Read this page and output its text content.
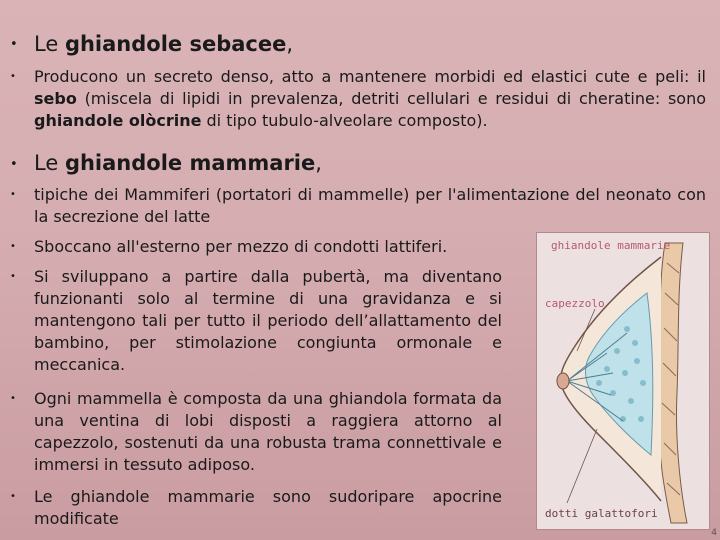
• Le ghiandole sebacee,
• Producono un secreto denso, atto a mantenere morbidi ed elastici cute e peli: il sebo (miscela di lipidi in prevalenza, detriti cellulari e residui di cheratine: sono ghiandole olòcrine di tipo tubulo-alveolare composto).
• Le ghiandole mammarie,
• tipiche dei Mammiferi (portatori di mammelle) per l'alimentazione del neonato con la secrezione del latte
• Sboccano all'esterno per mezzo di condotti lattiferi.
• Si sviluppano a partire dalla pubertà, ma diventano funzionanti solo al termine di una gravidanza e si mantengono tali per tutto il periodo dell’allattamento del bambino, per stimolazione congiunta ormonale e meccanica.
• Ogni mammella è composta da una ghiandola formata da una ventina di lobi disposti a raggiera attorno al capezzolo, sostenuti da una robusta trama connettivale e immersi in tessuto adiposo.
• Le ghiandole mammarie sono sudoripare apocrine modificate
ghiandole mammarie
capezzolo
dotti galattofori
4
